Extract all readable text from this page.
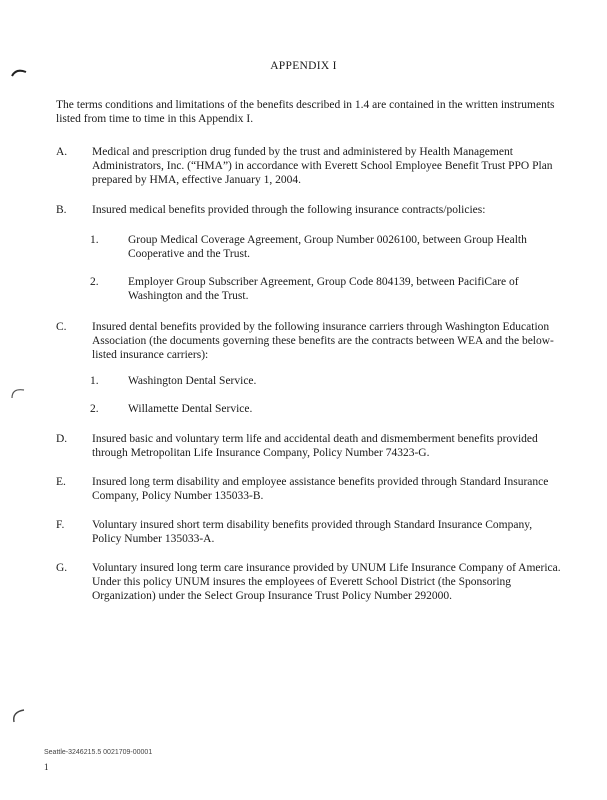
APPENDIX I
The terms conditions and limitations of the benefits described in 1.4 are contained in the written instruments listed from time to time in this Appendix I.
A. Medical and prescription drug funded by the trust and administered by Health Management Administrators, Inc. (“HMA”) in accordance with Everett School Employee Benefit Trust PPO Plan prepared by HMA, effective January 1, 2004.
B. Insured medical benefits provided through the following insurance contracts/policies:
1.	Group Medical Coverage Agreement, Group Number 0026100, between Group Health Cooperative and the Trust.
2.	Employer Group Subscriber Agreement, Group Code 804139, between PacifiCare of Washington and the Trust.
C. Insured dental benefits provided by the following insurance carriers through Washington Education Association (the documents governing these benefits are the contracts between WEA and the below-listed insurance carriers):
1.	Washington Dental Service.
2.	Willamette Dental Service.
D. Insured basic and voluntary term life and accidental death and dismemberment benefits provided through Metropolitan Life Insurance Company, Policy Number 74323-G.
E. Insured long term disability and employee assistance benefits provided through Standard Insurance Company, Policy Number 135033-B.
F. Voluntary insured short term disability benefits provided through Standard Insurance Company, Policy Number 135033-A.
G. Voluntary insured long term care insurance provided by UNUM Life Insurance Company of America. Under this policy UNUM insures the employees of Everett School District (the Sponsoring Organization) under the Select Group Insurance Trust Policy Number 292000.
Seattle-3246215.5 0021709-00001
1
